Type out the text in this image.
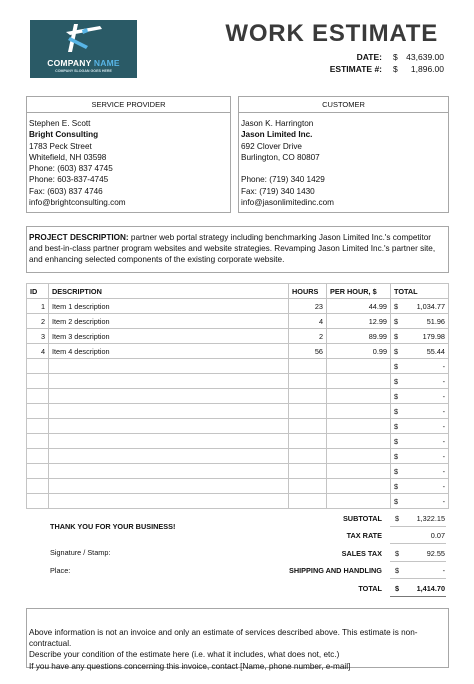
COMPANY NAME
COMPANY SLOGAN GOES HERE
WORK ESTIMATE
DATE: $ 43,639.00
ESTIMATE #: $	1,896.00
SERVICE PROVIDER
Stephen E. Scott
Bright Consulting
1783 Peck Street
Whitefield, NH 03598
Phone: (603) 837 4745
Phone: 603-837-4745
Fax: (603) 837 4746
info@brightconsulting.com
CUSTOMER
Jason K. Harrington
Jason Limited Inc.
692 Clover Drive
Burlington, CO 80807
Phone: (719) 340 1429
Fax: (719) 340 1430
info@jasonlimitedinc.com
PROJECT DESCRIPTION: partner web portal strategy including benchmarking Jason Limited Inc.'s competitor and best-in-class partner program websites and website strategies. Revamping Jason Limited Inc.'s partner site, and enhancing selected components of the existing corporate website.
ID	DESCRIPTION	HOURS	PER HOUR, $	TOTAL	
1	Item 1 description	23	44.99	$	1,034.77
2	Item 2 description	4	12.99	$	51.96
3	Item 3 description	2	89.99	$	179.98
4	Item 4 description	56	0.99	$	55.44
				$	-
				$	-
				$	-
				$	-
				$	-
				$	-
				$	-
				$	-
				$	-
				$	-
THANK YOU FOR YOUR BUSINESS!
Signature / Stamp:
Place:
SUBTOTAL $	1,322.15
TAX RATE	0.07
SALES TAX $	92.55
SHIPPING AND HANDLING $	-
TOTAL $	1,414.70
Above information is not an invoice and only an estimate of services described above. This estimate is non-contractual.
Describe your condition of the estimate here (i.e. what it includes, what does not, etc.)
If you have any questions concerning this invoice, contact [Name, phone number, e-mail]
